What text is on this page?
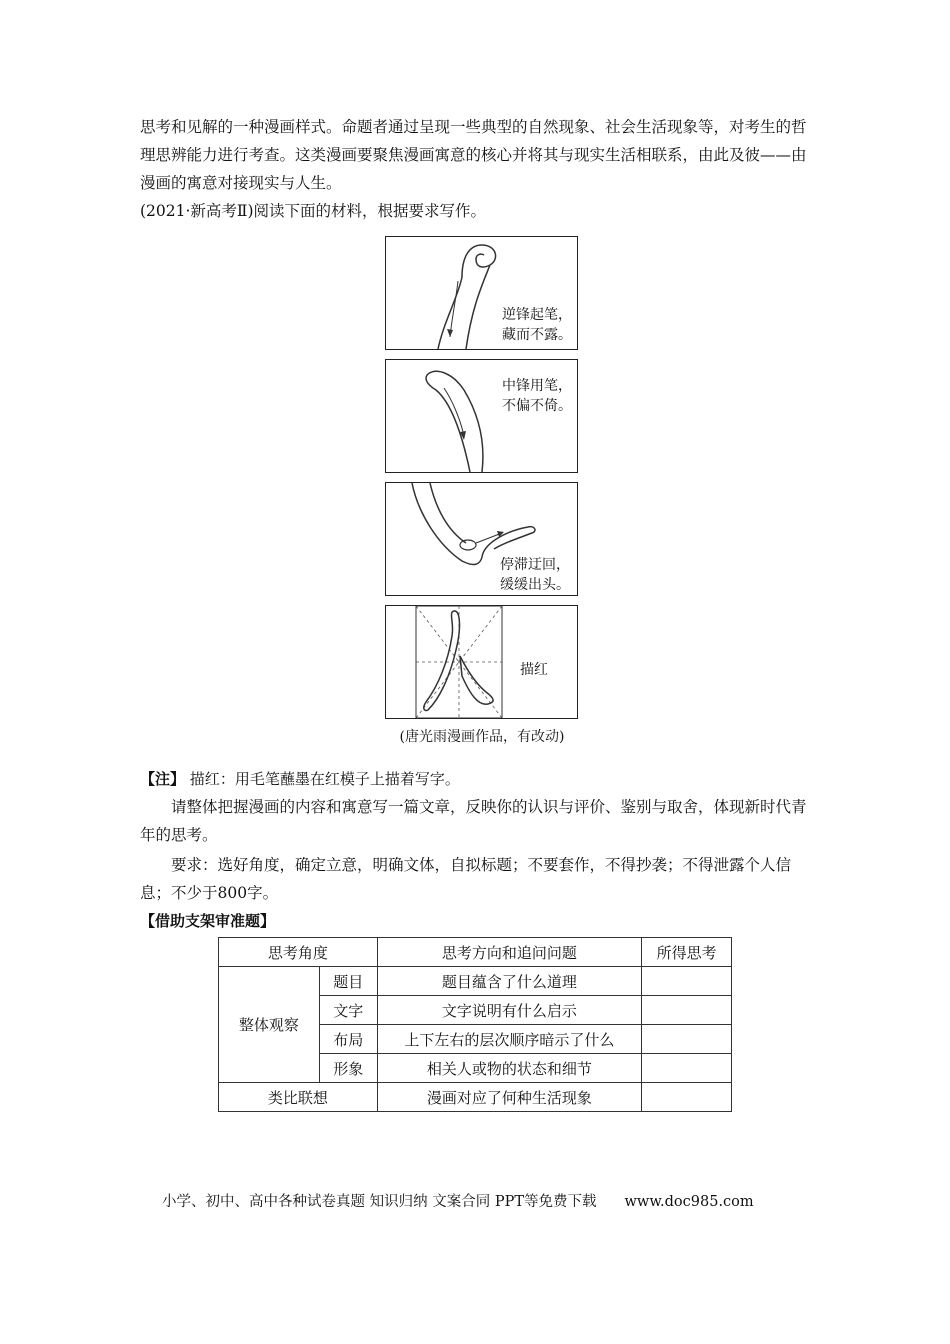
思考和见解的一种漫画样式。命题者通过呈现一些典型的自然现象、社会生活现象等，对考生的哲理思辨能力进行考查。这类漫画要聚焦漫画寓意的核心并将其与现实生活相联系，由此及彼——由漫画的寓意对接现实与人生。

(2021·新高考Ⅱ)阅读下面的材料，根据要求写作。
逆锋起笔，
藏而不露。
中锋用笔，
不偏不倚。
停滞迂回，
缓缓出头。
描红
(唐光雨漫画作品，有改动)
【注】 描红：用毛笔蘸墨在红模子上描着写字。

请整体把握漫画的内容和寓意写一篇文章，反映你的认识与评价、鉴别与取舍，体现新时代青年的思考。

要求：选好角度，确定立意，明确文体，自拟标题；不要套作，不得抄袭；不得泄露个人信息；不少于800字。

【借助支架审准题】
思考角度		思考方向和追问问题	所得思考
整体观察	题目	题目蕴含了什么道理	
	文字	文字说明有什么启示	
	布局	上下左右的层次顺序暗示了什么	
	形象	相关人或物的状态和细节	
类比联想		漫画对应了何种生活现象	
小学、初中、高中各种试卷真题 知识归纳 文案合同 PPT等免费下载 www.doc985.com
